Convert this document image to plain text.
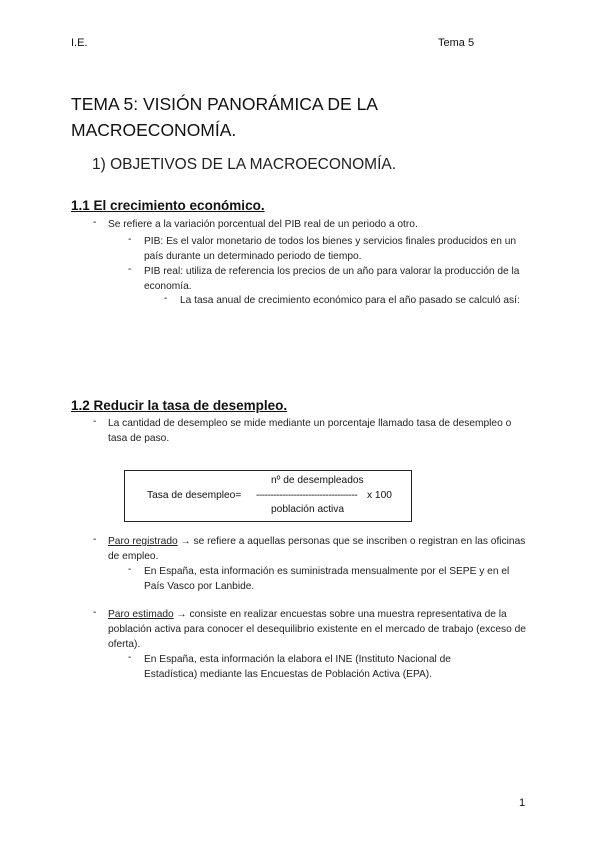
I.E.	Tema 5
TEMA 5: VISIÓN PANORÁMICA DE LA MACROECONOMÍA.
1) OBJETIVOS DE LA MACROECONOMÍA.
1.1 El crecimiento económico.
- Se refiere a la variación porcentual del PIB real de un periodo a otro.
- PIB: Es el valor monetario de todos los bienes y servicios finales producidos en un país durante un determinado periodo de tiempo.
- PIB real: utiliza de referencia los precios de un año para valorar la producción de la economía.
- La tasa anual de crecimiento económico para el año pasado se calculó así:
1.2 Reducir la tasa de desempleo.
- La cantidad de desempleo se mide mediante un porcentaje llamado tasa de desempleo o tasa de paso.
nº de desempleados
Tasa de desempleo= ----------------------------------- x 100
población activa
- Paro registrado → se refiere a aquellas personas que se inscriben o registran en las oficinas de empleo.
- En España, esta información es suministrada mensualmente por el SEPE y en el País Vasco por Lanbide.
- Paro estimado → consiste en realizar encuestas sobre una muestra representativa de la población activa para conocer el desequilibrio existente en el mercado de trabajo (exceso de oferta).
- En España, esta información la elabora el INE (Instituto Nacional de Estadística) mediante las Encuestas de Población Activa (EPA).
1
